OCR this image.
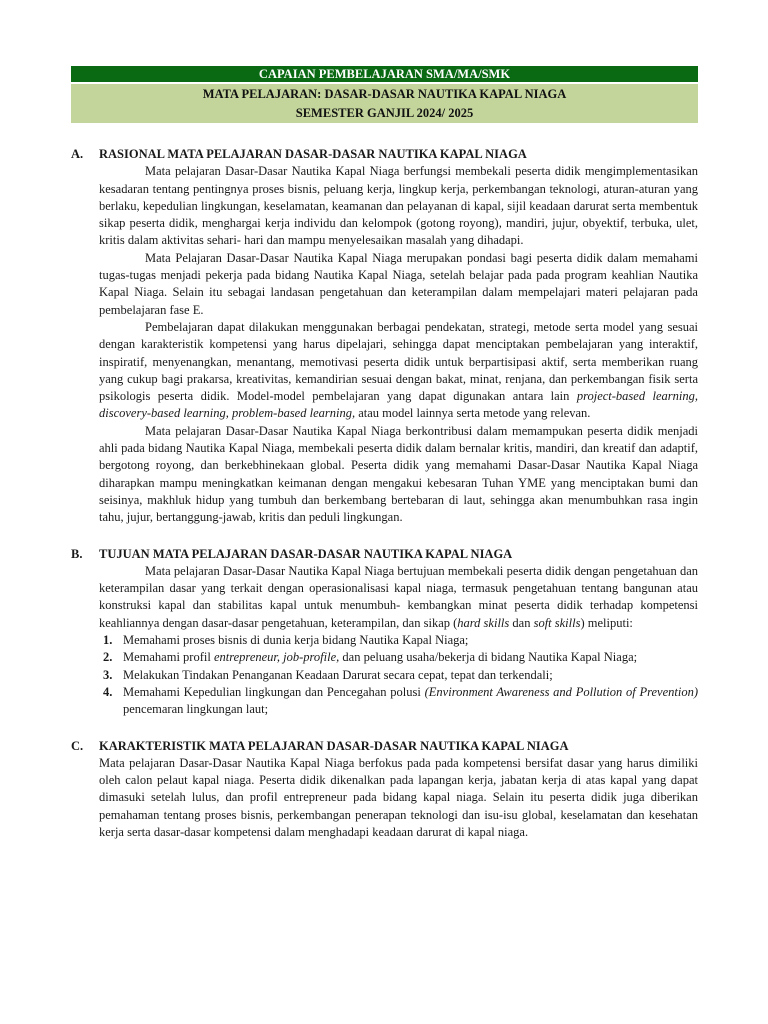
CAPAIAN PEMBELAJARAN SMA/MA/SMK
MATA PELAJARAN: DASAR-DASAR NAUTIKA KAPAL NIAGA
SEMESTER GANJIL 2024/ 2025
A.	RASIONAL MATA PELAJARAN DASAR-DASAR NAUTIKA KAPAL NIAGA

Mata pelajaran Dasar-Dasar Nautika Kapal Niaga berfungsi membekali peserta didik mengimplementasikan kesadaran tentang pentingnya proses bisnis, peluang kerja, lingkup kerja, perkembangan teknologi, aturan-aturan yang berlaku, kepedulian lingkungan, keselamatan, keamanan dan pelayanan di kapal, sijil keadaan darurat serta membentuk sikap peserta didik, menghargai kerja individu dan kelompok (gotong royong), mandiri, jujur, obyektif, terbuka, ulet, kritis dalam aktivitas sehari- hari dan mampu menyelesaikan masalah yang dihadapi.

Mata Pelajaran Dasar-Dasar Nautika Kapal Niaga merupakan pondasi bagi peserta didik dalam memahami tugas-tugas menjadi pekerja pada bidang Nautika Kapal Niaga, setelah belajar pada pada program keahlian Nautika Kapal Niaga. Selain itu sebagai landasan pengetahuan dan keterampilan dalam mempelajari materi pelajaran pada pembelajaran fase E.

Pembelajaran dapat dilakukan menggunakan berbagai pendekatan, strategi, metode serta model yang sesuai dengan karakteristik kompetensi yang harus dipelajari, sehingga dapat menciptakan pembelajaran yang interaktif, inspiratif, menyenangkan, menantang, memotivasi peserta didik untuk berpartisipasi aktif, serta memberikan ruang yang cukup bagi prakarsa, kreativitas, kemandirian sesuai dengan bakat, minat, renjana, dan perkembangan fisik serta psikologis peserta didik. Model-model pembelajaran yang dapat digunakan antara lain project-based learning, discovery-based learning, problem-based learning, atau model lainnya serta metode yang relevan.

Mata pelajaran Dasar-Dasar Nautika Kapal Niaga berkontribusi dalam memampukan peserta didik menjadi ahli pada bidang Nautika Kapal Niaga, membekali peserta didik dalam bernalar kritis, mandiri, dan kreatif dan adaptif, bergotong royong, dan berkebhinekaan global. Peserta didik yang memahami Dasar-Dasar Nautika Kapal Niaga diharapkan mampu meningkatkan keimanan dengan mengakui kebesaran Tuhan YME yang menciptakan bumi dan seisinya, makhluk hidup yang tumbuh dan berkembang bertebaran di laut, sehingga akan menumbuhkan rasa ingin tahu, jujur, bertanggung-jawab, kritis dan peduli lingkungan.

B.	TUJUAN MATA PELAJARAN DASAR-DASAR NAUTIKA KAPAL NIAGA

Mata pelajaran Dasar-Dasar Nautika Kapal Niaga bertujuan membekali peserta didik dengan pengetahuan dan keterampilan dasar yang terkait dengan operasionalisasi kapal niaga, termasuk pengetahuan tentang bangunan atau konstruksi kapal dan stabilitas kapal untuk menumbuh- kembangkan minat peserta didik terhadap kompetensi keahliannya dengan dasar-dasar pengetahuan, keterampilan, dan sikap (hard skills dan soft skills) meliputi:

1. Memahami proses bisnis di dunia kerja bidang Nautika Kapal Niaga;
2. Memahami profil entrepreneur, job-profile, dan peluang usaha/bekerja di bidang Nautika Kapal Niaga;
3. Melakukan Tindakan Penanganan Keadaan Darurat secara cepat, tepat dan terkendali;
4. Memahami Kepedulian lingkungan dan Pencegahan polusi (Environment Awareness and Pollution of Prevention) pencemaran lingkungan laut;
C.	KARAKTERISTIK MATA PELAJARAN DASAR-DASAR NAUTIKA KAPAL NIAGA

Mata pelajaran Dasar-Dasar Nautika Kapal Niaga berfokus pada pada kompetensi bersifat dasar yang harus dimiliki oleh calon pelaut kapal niaga. Peserta didik dikenalkan pada lapangan kerja, jabatan kerja di atas kapal yang dapat dimasuki setelah lulus, dan profil entrepreneur pada bidang kapal niaga. Selain itu peserta didik juga diberikan pemahaman tentang proses bisnis, perkembangan penerapan teknologi dan isu-isu global, keselamatan dan kesehatan kerja serta dasar-dasar kompetensi dalam menghadapi keadaan darurat di kapal niaga.
